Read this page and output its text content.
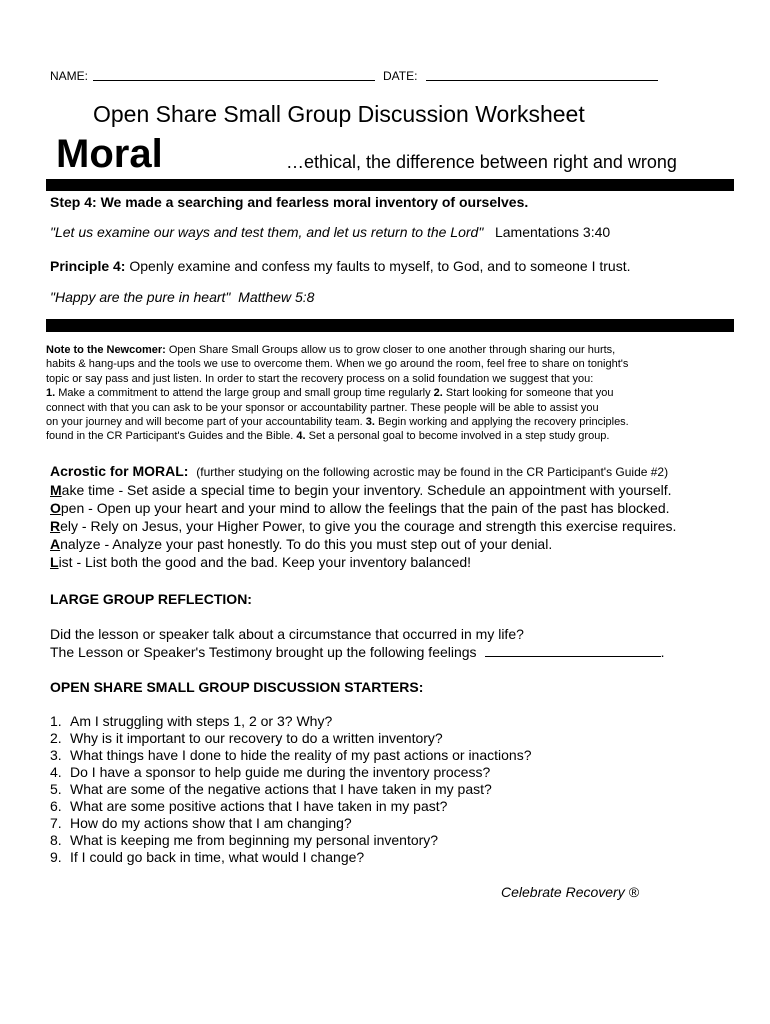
NAME:	DATE:
Open Share Small Group Discussion Worksheet
Moral	…ethical, the difference between right and wrong
Step 4: We made a searching and fearless moral inventory of ourselves.
"Let us examine our ways and test them, and let us return to the Lord" Lamentations 3:40
Principle 4: Openly examine and confess my faults to myself, to God, and to someone I trust.
"Happy are the pure in heart" Matthew 5:8
Note to the Newcomer: Open Share Small Groups allow us to grow closer to one another through sharing our hurts,
habits & hang-ups and the tools we use to overcome them. When we go around the room, feel free to share on tonight's
topic or say pass and just listen. In order to start the recovery process on a solid foundation we suggest that you:
1. Make a commitment to attend the large group and small group time regularly 2. Start looking for someone that you
connect with that you can ask to be your sponsor or accountability partner. These people will be able to assist you
on your journey and will become part of your accountability team. 3. Begin working and applying the recovery principles.
found in the CR Participant's Guides and the Bible. 4. Set a personal goal to become involved in a step study group.
Acrostic for MORAL: (further studying on the following acrostic may be found in the CR Participant's Guide #2)
Make time - Set aside a special time to begin your inventory. Schedule an appointment with yourself.
Open - Open up your heart and your mind to allow the feelings that the pain of the past has blocked.
Rely - Rely on Jesus, your Higher Power, to give you the courage and strength this exercise requires.
Analyze - Analyze your past honestly. To do this you must step out of your denial.
List - List both the good and the bad. Keep your inventory balanced!
LARGE GROUP REFLECTION:
Did the lesson or speaker talk about a circumstance that occurred in my life?
The Lesson or Speaker's Testimony brought up the following feelings	.
OPEN SHARE SMALL GROUP DISCUSSION STARTERS:
1. Am I struggling with steps 1, 2 or 3? Why?
2. Why is it important to our recovery to do a written inventory?
3. What things have I done to hide the reality of my past actions or inactions?
4. Do I have a sponsor to help guide me during the inventory process?
5. What are some of the negative actions that I have taken in my past?
6. What are some positive actions that I have taken in my past?
7. How do my actions show that I am changing?
8. What is keeping me from beginning my personal inventory?
9. If I could go back in time, what would I change?
Celebrate Recovery ®
